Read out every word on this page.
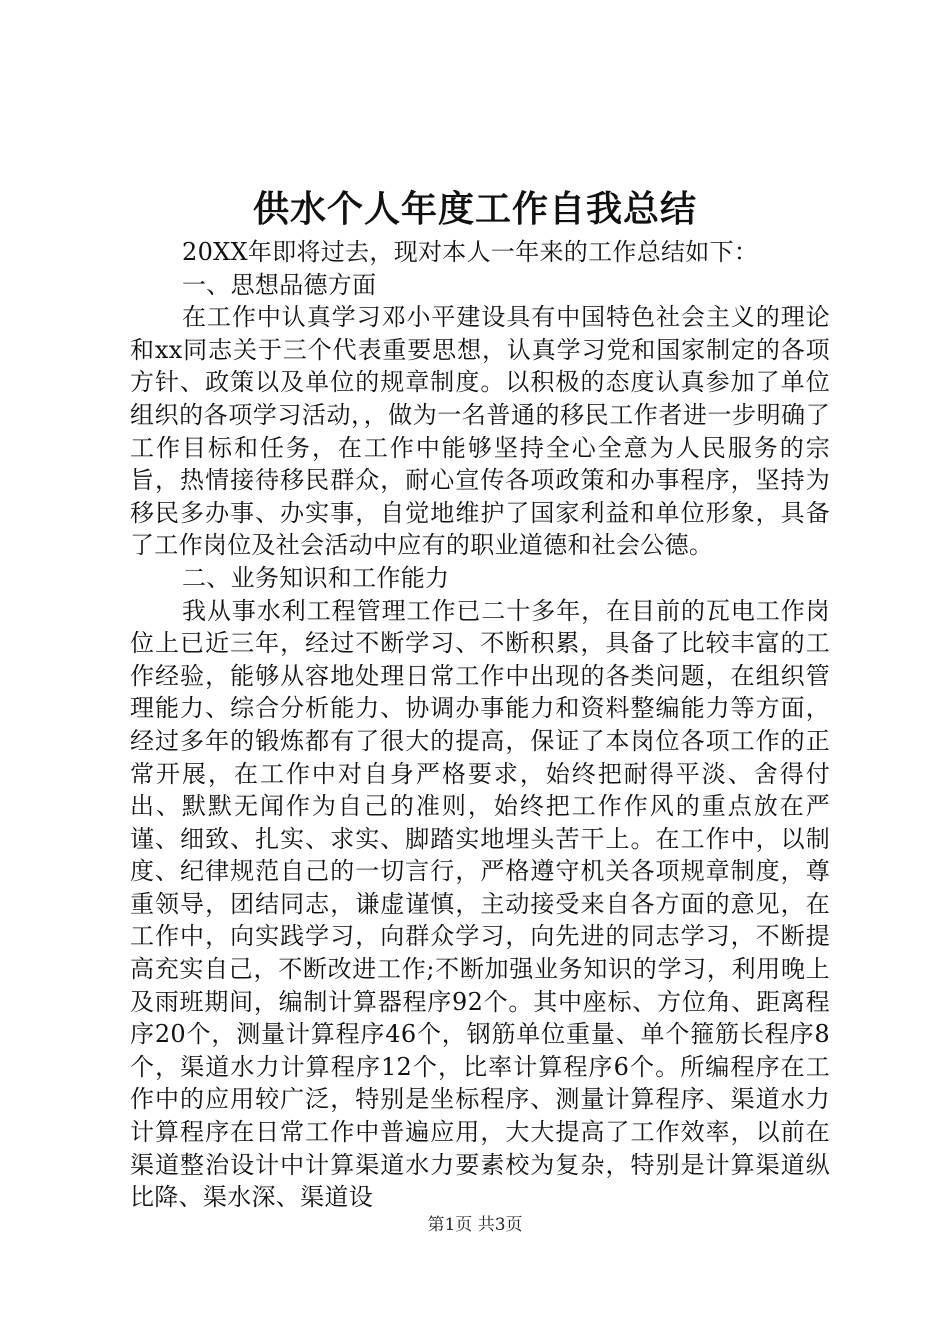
供水个人年度工作自我总结

20XX年即将过去，现对本人一年来的工作总结如下：

一、思想品德方面

在工作中认真学习邓小平建设具有中国特色社会主义的理论和xx同志关于三个代表重要思想，认真学习党和国家制定的各项方针、政策以及单位的规章制度。以积极的态度认真参加了单位组织的各项学习活动，，做为一名普通的移民工作者进一步明确了工作目标和任务，在工作中能够坚持全心全意为人民服务的宗旨，热情接待移民群众，耐心宣传各项政策和办事程序，坚持为移民多办事、办实事，自觉地维护了国家利益和单位形象，具备了工作岗位及社会活动中应有的职业道德和社会公德。

二、业务知识和工作能力

我从事水利工程管理工作已二十多年，在目前的瓦电工作岗位上已近三年，经过不断学习、不断积累，具备了比较丰富的工作经验，能够从容地处理日常工作中出现的各类问题，在组织管理能力、综合分析能力、协调办事能力和资料整编能力等方面，经过多年的锻炼都有了很大的提高，保证了本岗位各项工作的正常开展，在工作中对自身严格要求，始终把耐得平淡、舍得付出、默默无闻作为自己的准则，始终把工作作风的重点放在严谨、细致、扎实、求实、脚踏实地埋头苦干上。在工作中，以制度、纪律规范自己的一切言行，严格遵守机关各项规章制度，尊重领导，团结同志，谦虚谨慎，主动接受来自各方面的意见，在工作中，向实践学习，向群众学习，向先进的同志学习，不断提高充实自己，不断改进工作;不断加强业务知识的学习，利用晚上及雨班期间，编制计算器程序92个。其中座标、方位角、距离程序20个，测量计算程序46个，钢筋单位重量、单个箍筋长程序8个，渠道水力计算程序12个，比率计算程序6个。所编程序在工作中的应用较广泛，特别是坐标程序、测量计算程序、渠道水力计算程序在日常工作中普遍应用，大大提高了工作效率，以前在渠道整治设计中计算渠道水力要素校为复杂，特别是计算渠道纵比降、渠水深、渠道设

第1页 共3页
